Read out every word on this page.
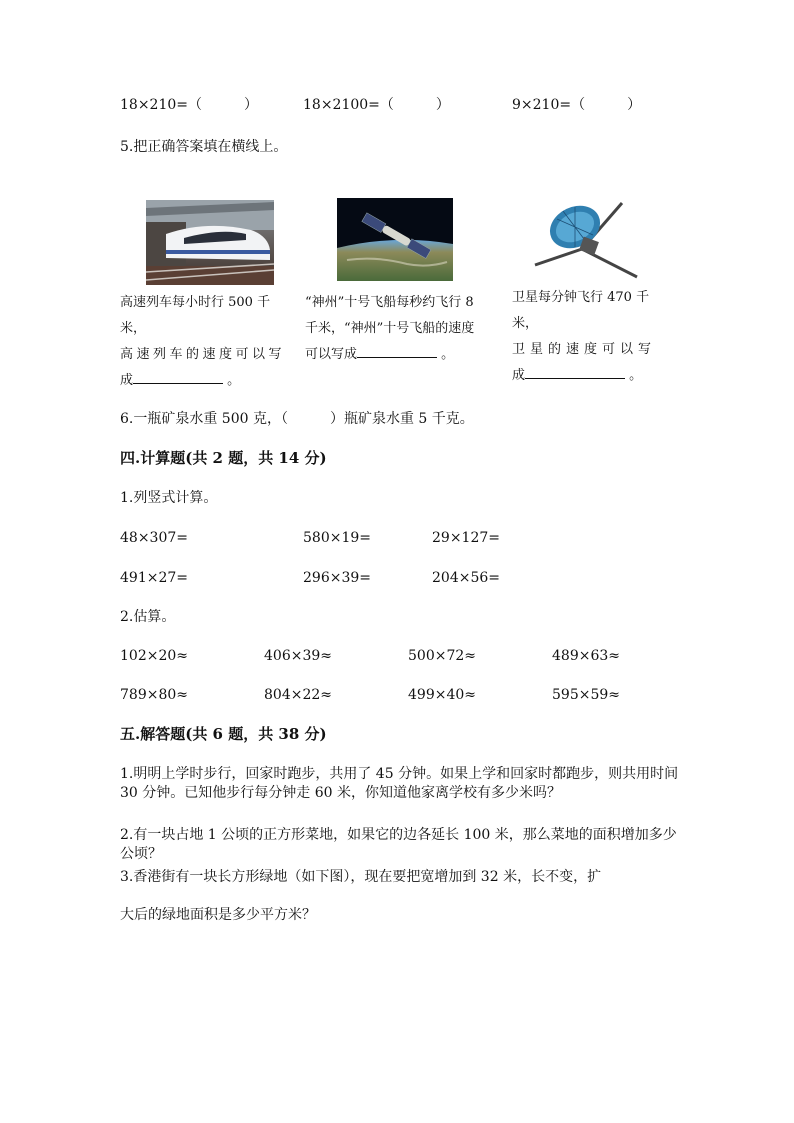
18×210=（　　　）	18×2100=（　　　）	9×210=（　　　）
5.把正确答案填在横线上。
高速列车每小时行 500 千米，
高速列车的速度可以写
成	。
“神州”十号飞船每秒约飞行 8
千米，“神州”十号飞船的速度
可以写成	。
卫星每分钟飞行 470 千米，
卫星的速度可以写
成	。
6.一瓶矿泉水重 500 克，（　　　）瓶矿泉水重 5 千克。
四.计算题(共 2 题，共 14 分)
1.列竖式计算。
48×307=	580×19=	29×127=
491×27=	296×39=	204×56=
2.估算。
102×20≈	406×39≈	500×72≈	489×63≈
789×80≈	804×22≈	499×40≈	595×59≈
五.解答题(共 6 题，共 38 分)
1.明明上学时步行，回家时跑步，共用了 45 分钟。如果上学和回家时都跑步，则共用时间 30 分钟。已知他步行每分钟走 60 米，你知道他家离学校有多少米吗？
2.有一块占地 1 公顷的正方形菜地，如果它的边各延长 100 米，那么菜地的面积增加多少公顷？
3.香港街有一块长方形绿地（如下图），现在要把宽增加到 32 米，长不变，扩
大后的绿地面积是多少平方米？
